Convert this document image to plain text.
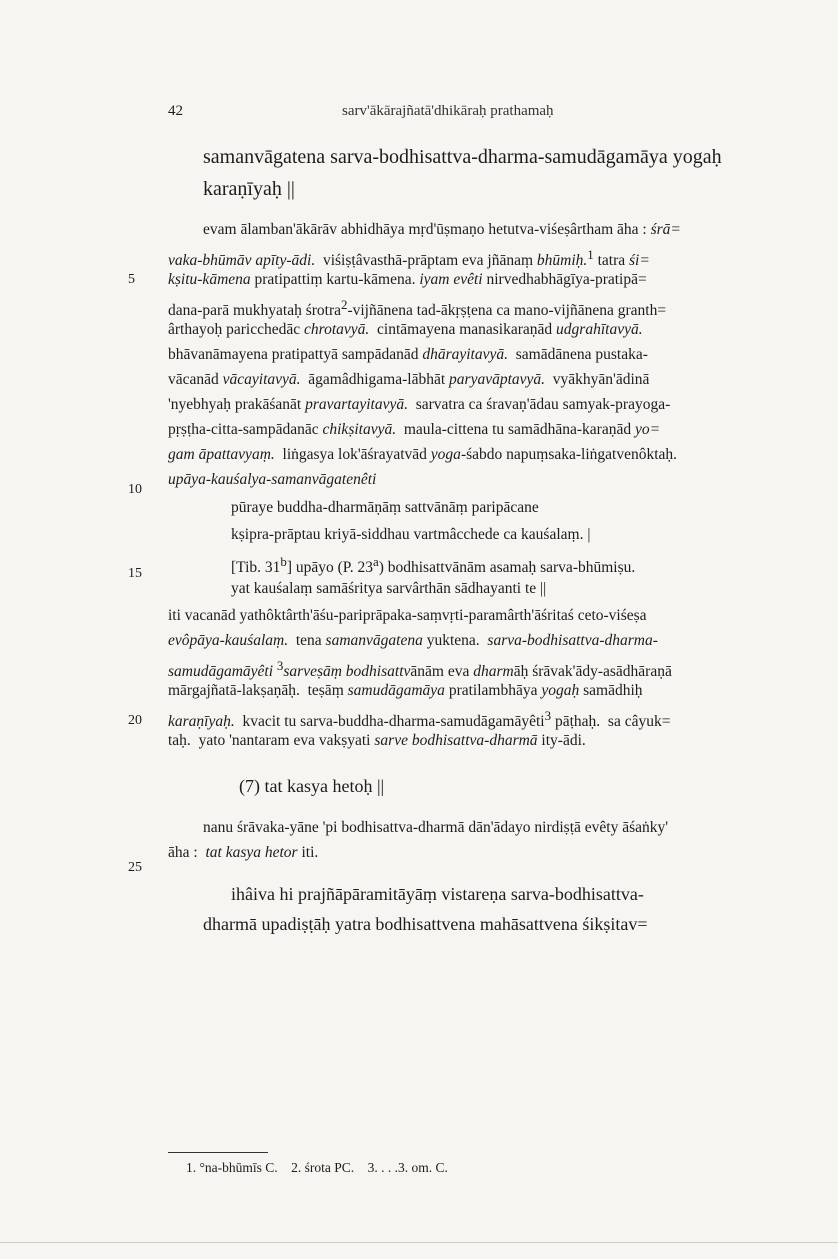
42	sarv'ākārajñatā'dhikāraḥ prathamaḥ
samanvāgatena sarva-bodhisattva-dharma-samudāgamāya yogaḥ
karaṇīyaḥ ||
5
10
15
20
25
evam ālamban'ākārāv abhidhāya mṛd'ūṣmaṇo hetutva-viśeṣârtham āha : śrā=
vaka-bhūmāv apīty-ādi. viśiṣṭâvasthā-prāptam eva jñānaṃ bhūmiḥ.$^1$ tatra śi=
kṣitu-kāmena pratipattiṃ kartu-kāmena. iyam evêti nirvedhabhāgīya-pratipā=
dana-parā mukhyataḥ śrotra$^2$-vijñānena tad-ākṛṣṭena ca mano-vijñānena granth=
ârthayoḥ paricchedāc chrotavyā. cintāmayena manasikaraṇād udgrahītavyā.
bhāvanāmayena pratipattyā sampādanād dhārayitavyā. samādānena pustaka-
vācanād vācayitavyā. āgamâdhigama-lābhāt paryavāptavyā. vyākhyān'ādinā
'nyebhyaḥ prakāśanāt pravartayitavyā. sarvatra ca śravaṇ'ādau samyak-prayoga-
pṛṣṭha-citta-sampādanāc chikṣitavyā. maula-cittena tu samādhāna-karaṇād yo=
gam āpattavyaṃ. liṅgasya lok'āśrayatvād yoga-śabdo napuṃsaka-liṅgatvenôktaḥ.
upāya-kauśalya-samanvāgatenêti
pūraye buddha-dharmāṇāṃ sattvānāṃ paripācane
kṣipra-prāptau kriyā-siddhau vartmâcchede ca kauśalaṃ. |
[Tib. 31$^b$] upāyo (P. 23$^a$) bodhisattvānām asamaḥ sarva-bhūmiṣu.
yat kauśalaṃ samāśritya sarvârthān sādhayanti te ||
iti vacanād yathôktârth'āśu-pariprāpaka-saṃvṛti-paramârth'āśritaś ceto-viśeṣa
evôpāya-kauśalaṃ. tena samanvāgatena yuktena. sarva-bodhisattva-dharma-
samudāgamāyêti $^3$sarveṣāṃ bodhisattvānām eva dharmāḥ śrāvak'ādy-asādhāraṇā
mārgajñatā-lakṣaṇāḥ. teṣāṃ samudāgamāya pratilambhāya yogaḥ samādhiḥ
karaṇīyaḥ. kvacit tu sarva-buddha-dharma-samudāgamāyêti$^3$ pāṭhaḥ. sa câyuk=
taḥ. yato 'nantaram eva vakṣyati sarve bodhisattva-dharmā ity-ādi.
(7) tat kasya hetoḥ ||
nanu śrāvaka-yāne 'pi bodhisattva-dharmā dān'ādayo nirdiṣṭā evêty āśaṅky'
āha : tat kasya hetor iti.
ihâiva hi prajñāpāramitāyāṃ vistareṇa sarva-bodhisattva-
dharmā upadiṣṭāḥ yatra bodhisattvena mahāsattvena śikṣitav=
1. °na-bhūmīs C.    2. śrota PC.    3. . . .3. om. C.
